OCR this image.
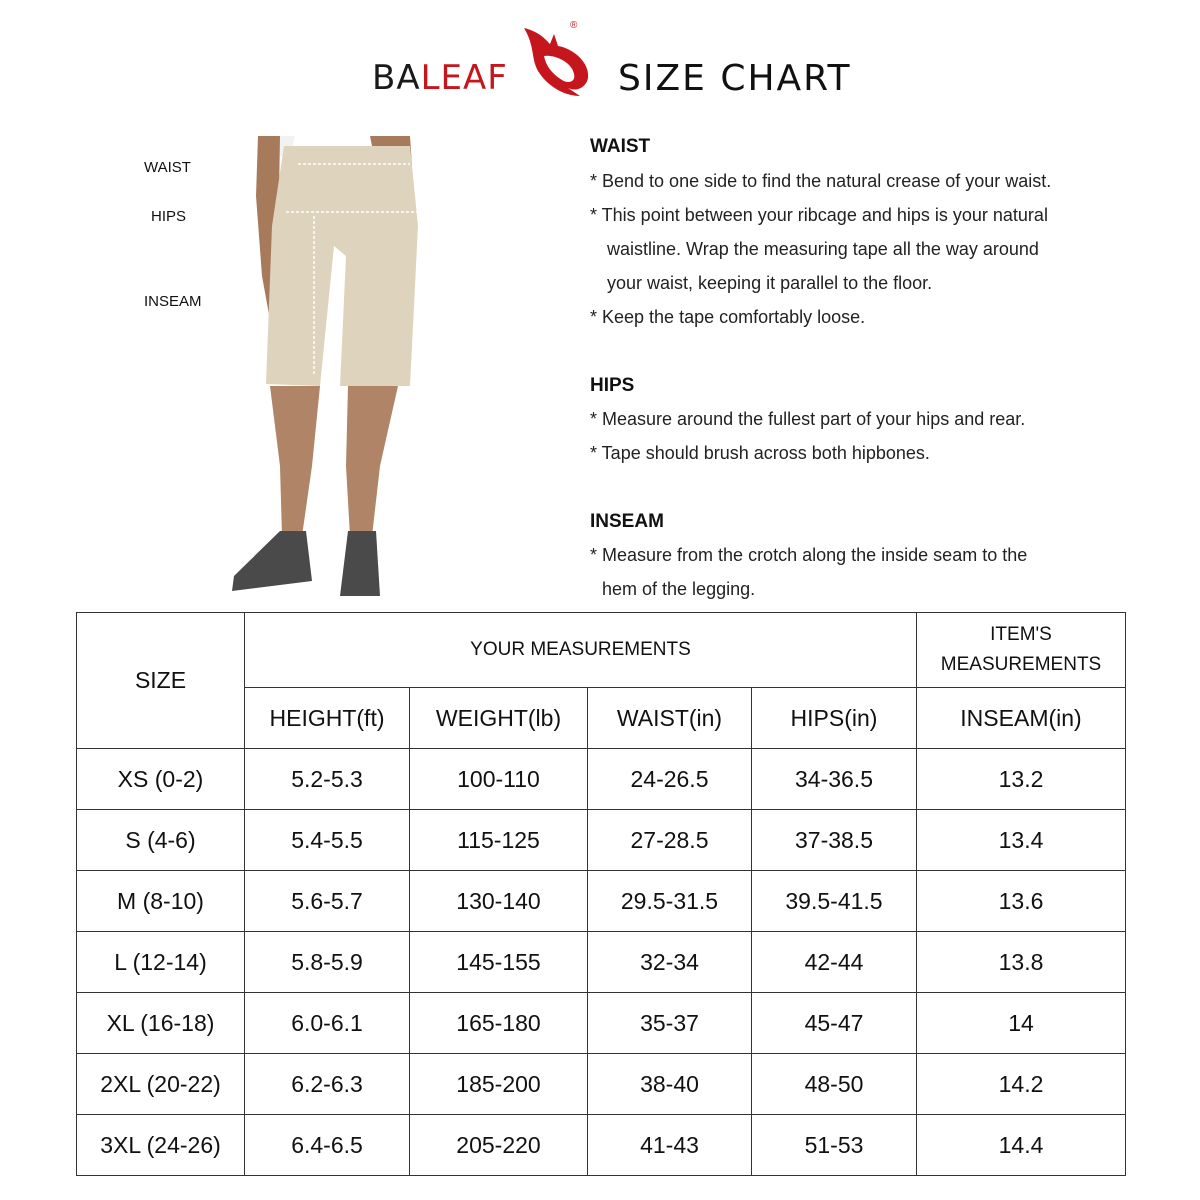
BALEAF
®
SIZE CHART
WAIST
HIPS
INSEAM
WAIST
* Bend to one side to find the natural crease of your waist.
* This point between your ribcage and hips is your natural
waistline. Wrap the measuring tape all the way around
your waist, keeping it parallel to the floor.
* Keep the tape comfortably loose.
HIPS
* Measure around the fullest part of your hips and rear.
* Tape should brush across both hipbones.
INSEAM
* Measure from the crotch along the inside seam to the
hem of the legging.
SIZE	YOUR MEASUREMENTS				ITEM'S
MEASUREMENTS
	HEIGHT(ft)	WEIGHT(lb)	WAIST(in)	HIPS(in)	INSEAM(in)
XS (0-2)	5.2-5.3	100-110	24-26.5	34-36.5	13.2
S (4-6)	5.4-5.5	115-125	27-28.5	37-38.5	13.4
M (8-10)	5.6-5.7	130-140	29.5-31.5	39.5-41.5	13.6
L (12-14)	5.8-5.9	145-155	32-34	42-44	13.8
XL (16-18)	6.0-6.1	165-180	35-37	45-47	14
2XL (20-22)	6.2-6.3	185-200	38-40	48-50	14.2
3XL (24-26)	6.4-6.5	205-220	41-43	51-53	14.4
